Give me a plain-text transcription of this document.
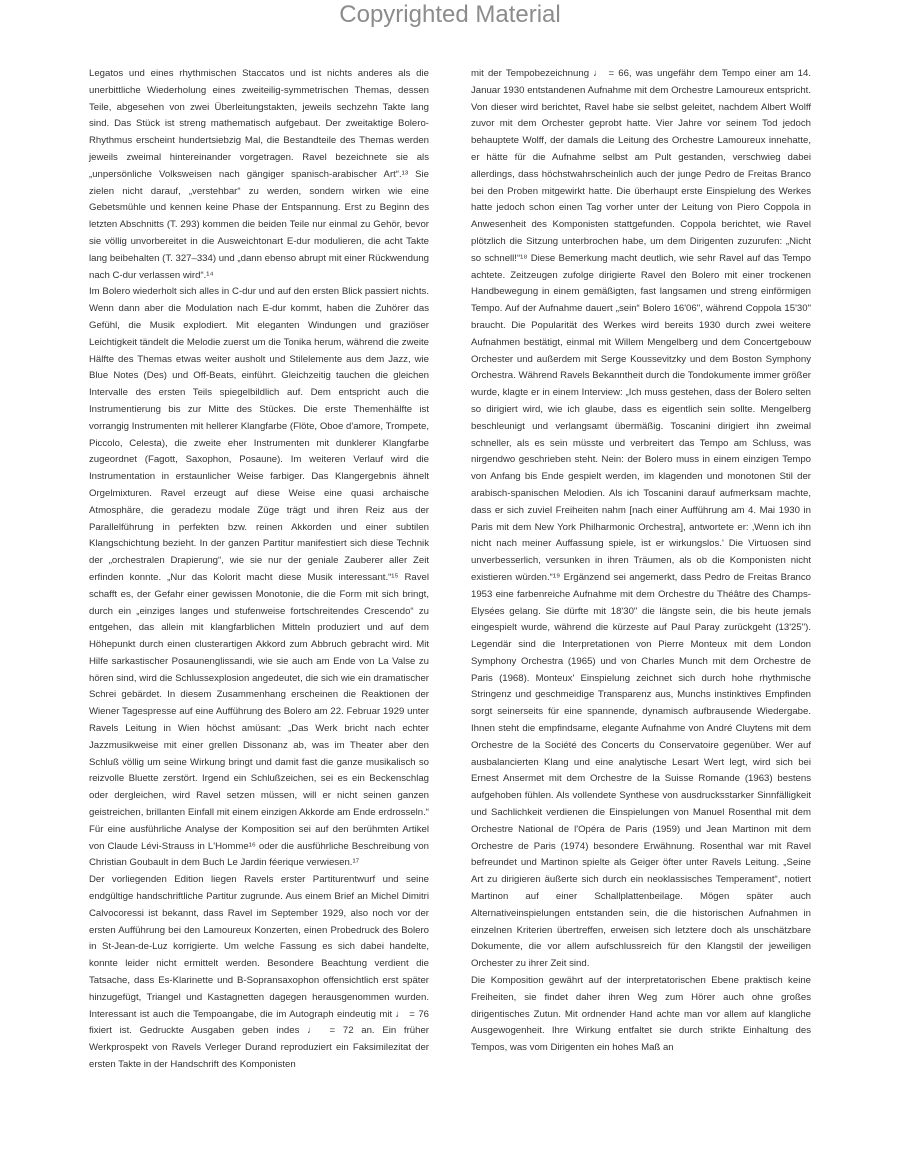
Copyrighted Material

Legatos und eines rhythmischen Staccatos und ist nichts anderes als die unerbittliche Wiederholung eines zweiteilig-symmetrischen Themas, dessen Teile, abgesehen von zwei Überleitungstakten, jeweils sechzehn Takte lang sind. Das Stück ist streng mathematisch aufgebaut. Der zweitaktige Bolero-Rhythmus erscheint hundertsiebzig Mal, die Bestandteile des Themas werden jeweils zweimal hintereinander vorgetragen. Ravel bezeichnete sie als „unpersönliche Volksweisen nach gängiger spanisch-arabischer Art“.¹³ Sie zielen nicht darauf, „verstehbar“ zu werden, sondern wirken wie eine Gebetsmühle und kennen keine Phase der Entspannung. Erst zu Beginn des letzten Abschnitts (T. 293) kommen die beiden Teile nur einmal zu Gehör, bevor sie völlig unvorbereitet in die Ausweichtonart E-dur modulieren, die acht Takte lang beibehalten (T. 327–334) und „dann ebenso abrupt mit einer Rückwendung nach C-dur verlassen wird“.¹⁴

Im Bolero wiederholt sich alles in C-dur und auf den ersten Blick passiert nichts. Wenn dann aber die Modulation nach E-dur kommt, haben die Zuhörer das Gefühl, die Musik explodiert. Mit eleganten Windungen und graziöser Leichtigkeit tändelt die Melodie zuerst um die Tonika herum, während die zweite Hälfte des Themas etwas weiter ausholt und Stilelemente aus dem Jazz, wie Blue Notes (Des) und Off-Beats, einführt. Gleichzeitig tauchen die gleichen Intervalle des ersten Teils spiegelbildlich auf. Dem entspricht auch die Instrumentierung bis zur Mitte des Stückes. Die erste Themenhälfte ist vorrangig Instrumenten mit hellerer Klangfarbe (Flöte, Oboe d'amore, Trompete, Piccolo, Celesta), die zweite eher Instrumenten mit dunklerer Klangfarbe zugeordnet (Fagott, Saxophon, Posaune). Im weiteren Verlauf wird die Instrumentation in erstaunlicher Weise farbiger. Das Klangergebnis ähnelt Orgelmixturen. Ravel erzeugt auf diese Weise eine quasi archaische Atmosphäre, die geradezu modale Züge trägt und ihren Reiz aus der Parallelführung in perfekten bzw. reinen Akkorden und einer subtilen Klangschichtung bezieht. In der ganzen Partitur manifestiert sich diese Technik der „orchestralen Drapierung“, wie sie nur der geniale Zauberer aller Zeit erfinden konnte. „Nur das Kolorit macht diese Musik interessant.“¹⁵ Ravel schafft es, der Gefahr einer gewissen Monotonie, die die Form mit sich bringt, durch ein „einziges langes und stufenweise fortschreitendes Crescendo“ zu entgehen, das allein mit klangfarblichen Mitteln produziert und auf dem Höhepunkt durch einen clusterartigen Akkord zum Abbruch gebracht wird. Mit Hilfe sarkastischer Posaunenglissandi, wie sie auch am Ende von La Valse zu hören sind, wird die Schlussexplosion angedeutet, die sich wie ein dramatischer Schrei gebärdet. In diesem Zusammenhang erscheinen die Reaktionen der Wiener Tagespresse auf eine Aufführung des Bolero am 22. Februar 1929 unter Ravels Leitung in Wien höchst amüsant: „Das Werk bricht nach echter Jazzmusikweise mit einer grellen Dissonanz ab, was im Theater aber den Schluß völlig um seine Wirkung bringt und damit fast die ganze musikalisch so reizvolle Bluette zerstört. Irgend ein Schlußzeichen, sei es ein Beckenschlag oder dergleichen, wird Ravel setzen müssen, will er nicht seinen ganzen geistreichen, brillanten Einfall mit einem einzigen Akkorde am Ende erdrosseln.“ Für eine ausführliche Analyse der Komposition sei auf den berühmten Artikel von Claude Lévi-Strauss in L'Homme¹⁶ oder die ausführliche Beschreibung von Christian Goubault in dem Buch Le Jardin féerique verwiesen.¹⁷

Der vorliegenden Edition liegen Ravels erster Partiturentwurf und seine endgültige handschriftliche Partitur zugrunde. Aus einem Brief an Michel Dimitri Calvocoressi ist bekannt, dass Ravel im September 1929, also noch vor der ersten Aufführung bei den Lamoureux Konzerten, einen Probedruck des Bolero in St-Jean-de-Luz korrigierte. Um welche Fassung es sich dabei handelte, konnte leider nicht ermittelt werden. Besondere Beachtung verdient die Tatsache, dass Es-Klarinette und B-Sopransaxophon offensichtlich erst später hinzugefügt, Triangel und Kastagnetten dagegen herausgenommen wurden. Interessant ist auch die Tempoangabe, die im Autograph eindeutig mit ♩ = 76 fixiert ist. Gedruckte Ausgaben geben indes ♩ = 72 an. Ein früher Werkprospekt von Ravels Verleger Durand reproduziert ein Faksimilezitat der ersten Takte in der Handschrift des Komponisten

mit der Tempobezeichnung ♩ = 66, was ungefähr dem Tempo einer am 14. Januar 1930 entstandenen Aufnahme mit dem Orchestre Lamoureux entspricht. Von dieser wird berichtet, Ravel habe sie selbst geleitet, nachdem Albert Wolff zuvor mit dem Orchester geprobt hatte. Vier Jahre vor seinem Tod jedoch behauptete Wolff, der damals die Leitung des Orchestre Lamoureux innehatte, er hätte für die Aufnahme selbst am Pult gestanden, verschwieg dabei allerdings, dass höchstwahrscheinlich auch der junge Pedro de Freitas Branco bei den Proben mitgewirkt hatte. Die überhaupt erste Einspielung des Werkes hatte jedoch schon einen Tag vorher unter der Leitung von Piero Coppola in Anwesenheit des Komponisten stattgefunden. Coppola berichtet, wie Ravel plötzlich die Sitzung unterbrochen habe, um dem Dirigenten zuzurufen: „Nicht so schnell!“¹⁸ Diese Bemerkung macht deutlich, wie sehr Ravel auf das Tempo achtete. Zeitzeugen zufolge dirigierte Ravel den Bolero mit einer trockenen Handbewegung in einem gemäßigten, fast langsamen und streng einförmigen Tempo. Auf der Aufnahme dauert „sein“ Bolero 16'06", während Coppola 15'30" braucht. Die Popularität des Werkes wird bereits 1930 durch zwei weitere Aufnahmen bestätigt, einmal mit Willem Mengelberg und dem Concertgebouw Orchester und außerdem mit Serge Koussevitzky und dem Boston Symphony Orchestra. Während Ravels Bekanntheit durch die Tondokumente immer größer wurde, klagte er in einem Interview: „Ich muss gestehen, dass der Bolero selten so dirigiert wird, wie ich glaube, dass es eigentlich sein sollte. Mengelberg beschleunigt und verlangsamt übermäßig. Toscanini dirigiert ihn zweimal schneller, als es sein müsste und verbreitert das Tempo am Schluss, was nirgendwo geschrieben steht. Nein: der Bolero muss in einem einzigen Tempo von Anfang bis Ende gespielt werden, im klagenden und monotonen Stil der arabisch-spanischen Melodien. Als ich Toscanini darauf aufmerksam machte, dass er sich zuviel Freiheiten nahm [nach einer Aufführung am 4. Mai 1930 in Paris mit dem New York Philharmonic Orchestra], antwortete er: ‚Wenn ich ihn nicht nach meiner Auffassung spiele, ist er wirkungslos.' Die Virtuosen sind unverbesserlich, versunken in ihren Träumen, als ob die Komponisten nicht existieren würden.“¹⁹ Ergänzend sei angemerkt, dass Pedro de Freitas Branco 1953 eine farbenreiche Aufnahme mit dem Orchestre du Théâtre des Champs-Elysées gelang. Sie dürfte mit 18'30" die längste sein, die bis heute jemals eingespielt wurde, während die kürzeste auf Paul Paray zurückgeht (13'25"). Legendär sind die Interpretationen von Pierre Monteux mit dem London Symphony Orchestra (1965) und von Charles Munch mit dem Orchestre de Paris (1968). Monteux' Einspielung zeichnet sich durch hohe rhythmische Stringenz und geschmeidige Transparenz aus, Munchs instinktives Empfinden sorgt seinerseits für eine spannende, dynamisch aufbrausende Wiedergabe. Ihnen steht die empfindsame, elegante Aufnahme von André Cluytens mit dem Orchestre de la Société des Concerts du Conservatoire gegenüber. Wer auf ausbalancierten Klang und eine analytische Lesart Wert legt, wird sich bei Ernest Ansermet mit dem Orchestre de la Suisse Romande (1963) bestens aufgehoben fühlen. Als vollendete Synthese von ausdrucksstarker Sinnfälligkeit und Sachlichkeit verdienen die Einspielungen von Manuel Rosenthal mit dem Orchestre National de l'Opéra de Paris (1959) und Jean Martinon mit dem Orchestre de Paris (1974) besondere Erwähnung. Rosenthal war mit Ravel befreundet und Martinon spielte als Geiger öfter unter Ravels Leitung. „Seine Art zu dirigieren äußerte sich durch ein neoklassisches Temperament“, notiert Martinon auf einer Schallplattenbeilage. Mögen später auch Alternativeinspielungen entstanden sein, die die historischen Aufnahmen in einzelnen Kriterien übertreffen, erweisen sich letztere doch als unschätzbare Dokumente, die vor allem aufschlussreich für den Klangstil der jeweiligen Orchester zu ihrer Zeit sind.

Die Komposition gewährt auf der interpretatorischen Ebene praktisch keine Freiheiten, sie findet daher ihren Weg zum Hörer auch ohne großes dirigentisches Zutun. Mit ordnender Hand achte man vor allem auf klangliche Ausgewogenheit. Ihre Wirkung entfaltet sie durch strikte Einhaltung des Tempos, was vom Dirigenten ein hohes Maß an
